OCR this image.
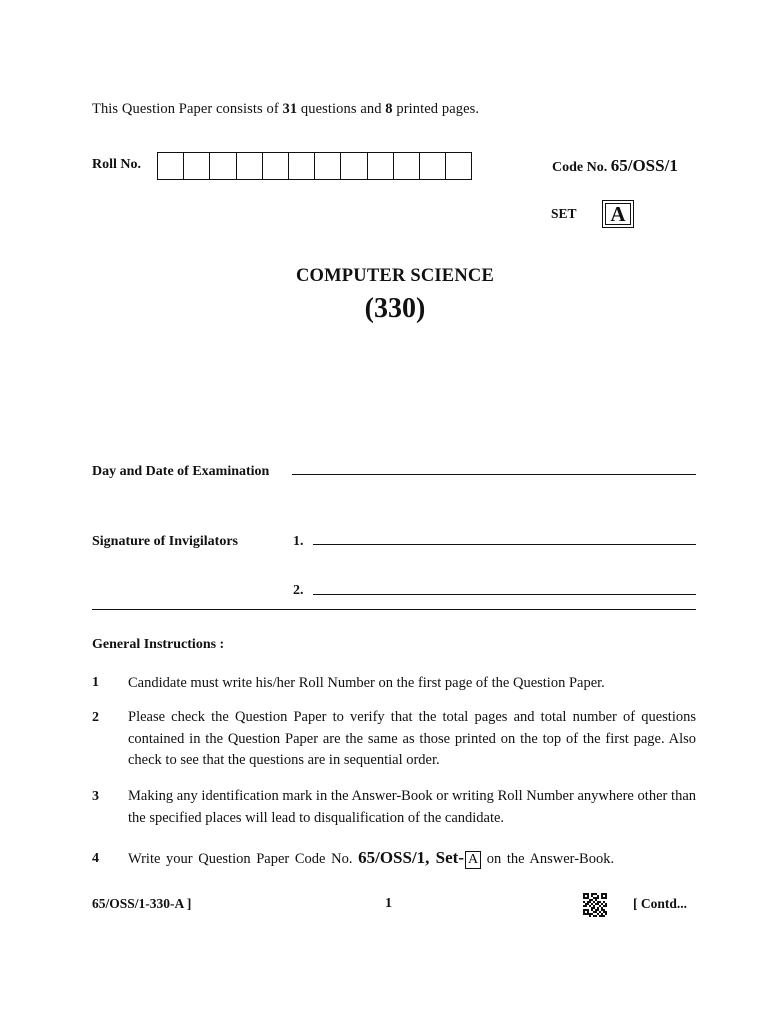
This Question Paper consists of 31 questions and 8 printed pages.
Roll No.	Code No. 65/OSS/1
SET A
COMPUTER SCIENCE
(330)
Day and Date of Examination
Signature of Invigilators	1.
2.
General Instructions :
1 Candidate must write his/her Roll Number on the first page of the Question Paper.
2 Please check the Question Paper to verify that the total pages and total number of questions contained in the Question Paper are the same as those printed on the top of the first page. Also check to see that the questions are in sequential order.
3 Making any identification mark in the Answer-Book or writing Roll Number anywhere other than the specified places will lead to disqualification of the candidate.
4 Write your Question Paper Code No. 65/OSS/1, Set- A on the Answer-Book.
65/OSS/1-330-A ]	1	[ Contd...
